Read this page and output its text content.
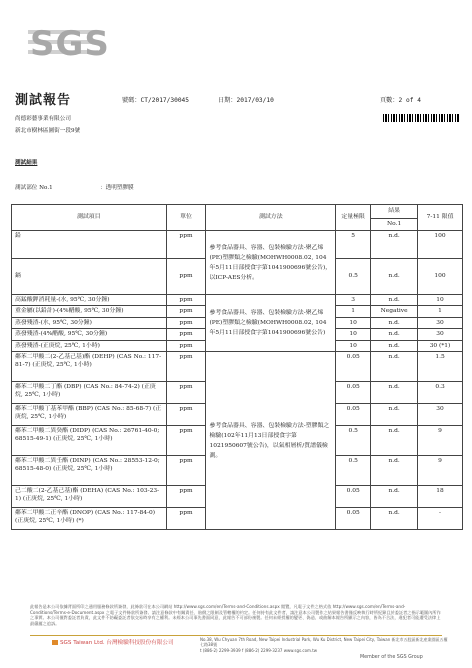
SGS
測試報告	號碼：CT/2017/30045	日期：2017/03/10	頁數：2 of 4
尚德彩藝事業有限公司
新北市樹林區圖街一段9號
測試結果
測試部位 No.1	：透明塑膠膜
測試項目	單位	測試方法	定量極限	結果	7-11 限值
				No.1	
鉛	ppm	參考食品器具、容器、包裝檢驗方法-聚乙烯(PE)塑膠類之檢驗(MOHWH0008.02, 104年5月11日部授食字第1041900696號公告)，以ICP-AES分析。	5	n.d.	100
鎘	ppm		0.5	n.d.	100
高錳酸鉀消耗量-(水, 95℃, 30分鐘)	ppm	參考食品器具、容器、包裝檢驗方法-聚乙烯(PE)塑膠類之檢驗(MOHWH0008.02, 104年5月11日部授食字第1041900696號公告)	3	n.d.	10
重金屬(以鉛計)-(4%醋酸, 95℃, 30分鐘)	ppm		1	Negative	1
蒸發殘渣-(水, 95℃, 30分鐘)	ppm		10	n.d.	30
蒸發殘渣-(4%醋酸, 95℃, 30分鐘)	ppm		10	n.d.	30
蒸發殘渣-(正庚烷, 25℃, 1小時)	ppm		10	n.d.	30 (*1)
鄰苯二甲酸二(2-乙基己基)酯 (DEHP) (CAS No.: 117-81-7) (正庚烷, 25℃, 1小時)	ppm	參考食品器具、容器、包裝檢驗方法-塑膠類之檢驗(102年11月13日部授食字第1021950607號公告)，以氣相層析/質譜儀檢測。	0.05	n.d.	1.5
鄰苯二甲酸二丁酯 (DBP) (CAS No.: 84-74-2) (正庚烷, 25℃, 1小時)	ppm		0.05	n.d.	0.3
鄰苯二甲酸丁基苯甲酯 (BBP) (CAS No.: 85-68-7) (正庚烷, 25℃, 1小時)	ppm		0.05	n.d.	30
鄰苯二甲酸二異癸酯 (DIDP) (CAS No.: 26761-40-0; 68515-49-1) (正庚烷, 25℃, 1小時)	ppm		0.5	n.d.	9
鄰苯二甲酸二異壬酯 (DINP) (CAS No.: 28553-12-0; 68515-48-0) (正庚烷, 25℃, 1小時)	ppm		0.5	n.d.	9
己二酸二(2-乙基己基)酯 (DEHA) (CAS No.: 103-23-1) (正庚烷, 25℃, 1小時)	ppm		0.05	n.d.	18
鄰苯二甲酸二正辛酯 (DNOP) (CAS No.: 117-84-0) (正庚烷, 25℃, 1小時) (*)	ppm		0.05	n.d.	-
此報告是本公司依據背面所印之通用服務條款所簽發，此條款可在本公司網站 http://www.sgs.com/en/Terms-and-Conditions.aspx 閱覽，凡電子文件之格式依 http://www.sgs.com/en/Terms-and-Conditions/Terms-e-Document.aspx 之電子文件條款所簽發。請注意條款中有關責任、賠償之限制及管轄權的約定。任何持有此文件者，請注意本公司製作之結果報告書僅反映執行時所紀錄且於委託者之指示範圍內所作之事實。本公司僅對委託者負責，此文件不妨礙委託者依交易時享有之權利。未經本公司事先書面同意，此報告不可部份複製。任何未經授權的變更、偽造、或曲解本報告所顯示之內容，皆為不合法，違犯者可能遭受法律上最嚴厲之追訴。
SGS Taiwan Ltd. 台灣檢驗科技股份有限公司
No.38, Wu Chyuan 7th Road, New Taipei Industrial Park, Wu Ku District, New Taipei City, Taiwan 新北市五股區新北產業園區五權七路38號
t (886-2) 2299-3939 f (886-2) 2299-3237 www.sgs.com.tw
Member of the SGS Group
